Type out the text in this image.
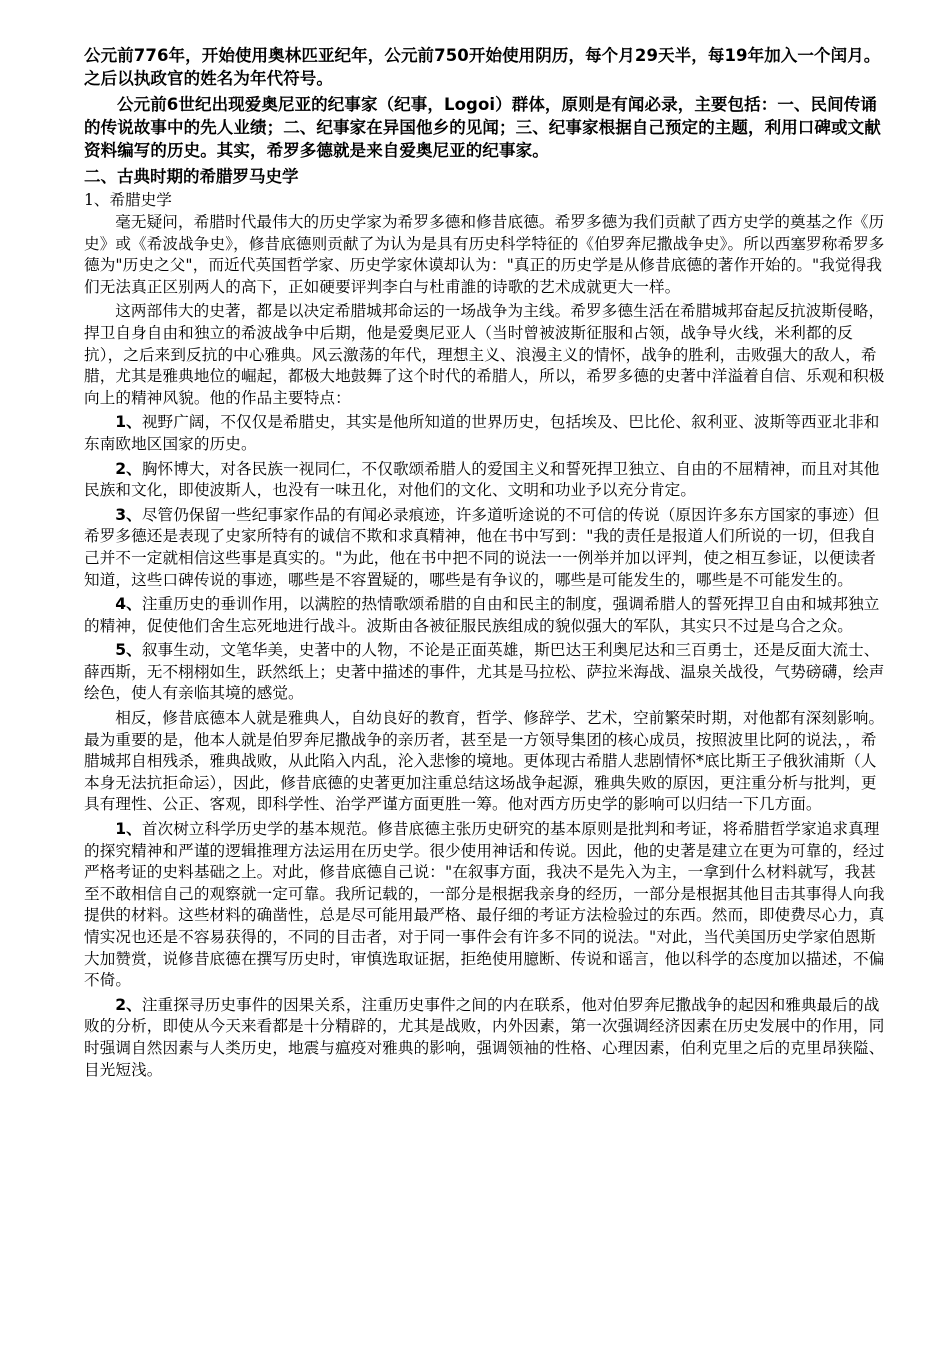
公元前776年，开始使用奥林匹亚纪年，公元前750开始使用阴历，每个月29天半，每19年加入一个闰月。之后以执政官的姓名为年代符号。

公元前6世纪出现爱奥尼亚的纪事家（纪事，Logoi）群体，原则是有闻必录，主要包括：一、民间传诵的传说故事中的先人业绩；二、纪事家在异国他乡的见闻；三、纪事家根据自己预定的主题，利用口碑或文献资料编写的历史。其实，希罗多德就是来自爱奥尼亚的纪事家。

二、古典时期的希腊罗马史学

1、希腊史学

毫无疑问，希腊时代最伟大的历史学家为希罗多德和修昔底德。希罗多德为我们贡献了西方史学的奠基之作《历史》或《希波战争史》，修昔底德则贡献了为认为是具有历史科学特征的《伯罗奔尼撒战争史》。所以西塞罗称希罗多德为"历史之父"，而近代英国哲学家、历史学家休谟却认为："真正的历史学是从修昔底德的著作开始的。"我觉得我们无法真正区别两人的高下，正如硬要评判李白与杜甫誰的诗歌的艺术成就更大一样。

这两部伟大的史著，都是以决定希腊城邦命运的一场战争为主线。希罗多德生活在希腊城邦奋起反抗波斯侵略，捍卫自身自由和独立的希波战争中后期，他是爱奥尼亚人（当时曾被波斯征服和占领，战争导火线，米利都的反抗），之后来到反抗的中心雅典。风云激荡的年代，理想主义、浪漫主义的情怀，战争的胜利，击败强大的敌人，希腊，尤其是雅典地位的崛起，都极大地鼓舞了这个时代的希腊人，所以，希罗多德的史著中洋溢着自信、乐观和积极向上的精神风貌。他的作品主要特点：

1、视野广阔，不仅仅是希腊史，其实是他所知道的世界历史，包括埃及、巴比伦、叙利亚、波斯等西亚北非和东南欧地区国家的历史。

2、胸怀博大，对各民族一视同仁，不仅歌颂希腊人的爱国主义和誓死捍卫独立、自由的不屈精神，而且对其他民族和文化，即使波斯人，也没有一味丑化，对他们的文化、文明和功业予以充分肯定。

3、尽管仍保留一些纪事家作品的有闻必录痕迹，许多道听途说的不可信的传说（原因许多东方国家的事迹）但希罗多德还是表现了史家所特有的诚信不欺和求真精神，他在书中写到："我的责任是报道人们所说的一切，但我自己并不一定就相信这些事是真实的。"为此，他在书中把不同的说法一一例举并加以评判，使之相互参证，以便读者知道，这些口碑传说的事迹，哪些是不容置疑的，哪些是有争议的，哪些是可能发生的，哪些是不可能发生的。

4、注重历史的垂训作用，以满腔的热情歌颂希腊的自由和民主的制度，强调希腊人的誓死捍卫自由和城邦独立的精神，促使他们舍生忘死地进行战斗。波斯由各被征服民族组成的貌似强大的军队，其实只不过是乌合之众。

5、叙事生动，文笔华美，史著中的人物，不论是正面英雄，斯巴达王利奥尼达和三百勇士，还是反面大流士、薛西斯，无不栩栩如生，跃然纸上；史著中描述的事件，尤其是马拉松、萨拉米海战、温泉关战役，气势磅礴，绘声绘色，使人有亲临其境的感觉。

相反，修昔底德本人就是雅典人，自幼良好的教育，哲学、修辞学、艺术，空前繁荣时期，对他都有深刻影响。最为重要的是，他本人就是伯罗奔尼撒战争的亲历者，甚至是一方领导集团的核心成员，按照波里比阿的说法，，希腊城邦自相残杀，雅典战败，从此陷入内乱，沦入悲惨的境地。更体现古希腊人悲剧情怀*底比斯王子俄狄浦斯（人本身无法抗拒命运），因此，修昔底德的史著更加注重总结这场战争起源，雅典失败的原因，更注重分析与批判，更具有理性、公正、客观，即科学性、治学严谨方面更胜一筹。他对西方历史学的影响可以归结一下几方面。

1、首次树立科学历史学的基本规范。修昔底德主张历史研究的基本原则是批判和考证，将希腊哲学家追求真理的探究精神和严谨的逻辑推理方法运用在历史学。很少使用神话和传说。因此，他的史著是建立在更为可靠的，经过严格考证的史料基础之上。对此，修昔底德自己说："在叙事方面，我决不是先入为主，一拿到什么材料就写，我甚至不敢相信自己的观察就一定可靠。我所记载的，一部分是根据我亲身的经历，一部分是根据其他目击其事得人向我提供的材料。这些材料的确凿性，总是尽可能用最严格、最仔细的考证方法检验过的东西。然而，即使费尽心力，真情实况也还是不容易获得的，不同的目击者，对于同一事件会有许多不同的说法。"对此，当代美国历史学家伯恩斯大加赞赏，说修昔底德在撰写历史时，审慎选取证据，拒绝使用臆断、传说和谣言，他以科学的态度加以描述，不偏不倚。

2、注重探寻历史事件的因果关系，注重历史事件之间的内在联系，他对伯罗奔尼撒战争的起因和雅典最后的战败的分析，即使从今天来看都是十分精辟的，尤其是战败，内外因素，第一次强调经济因素在历史发展中的作用，同时强调自然因素与人类历史，地震与瘟疫对雅典的影响，强调领袖的性格、心理因素，伯利克里之后的克里昂狭隘、目光短浅。
